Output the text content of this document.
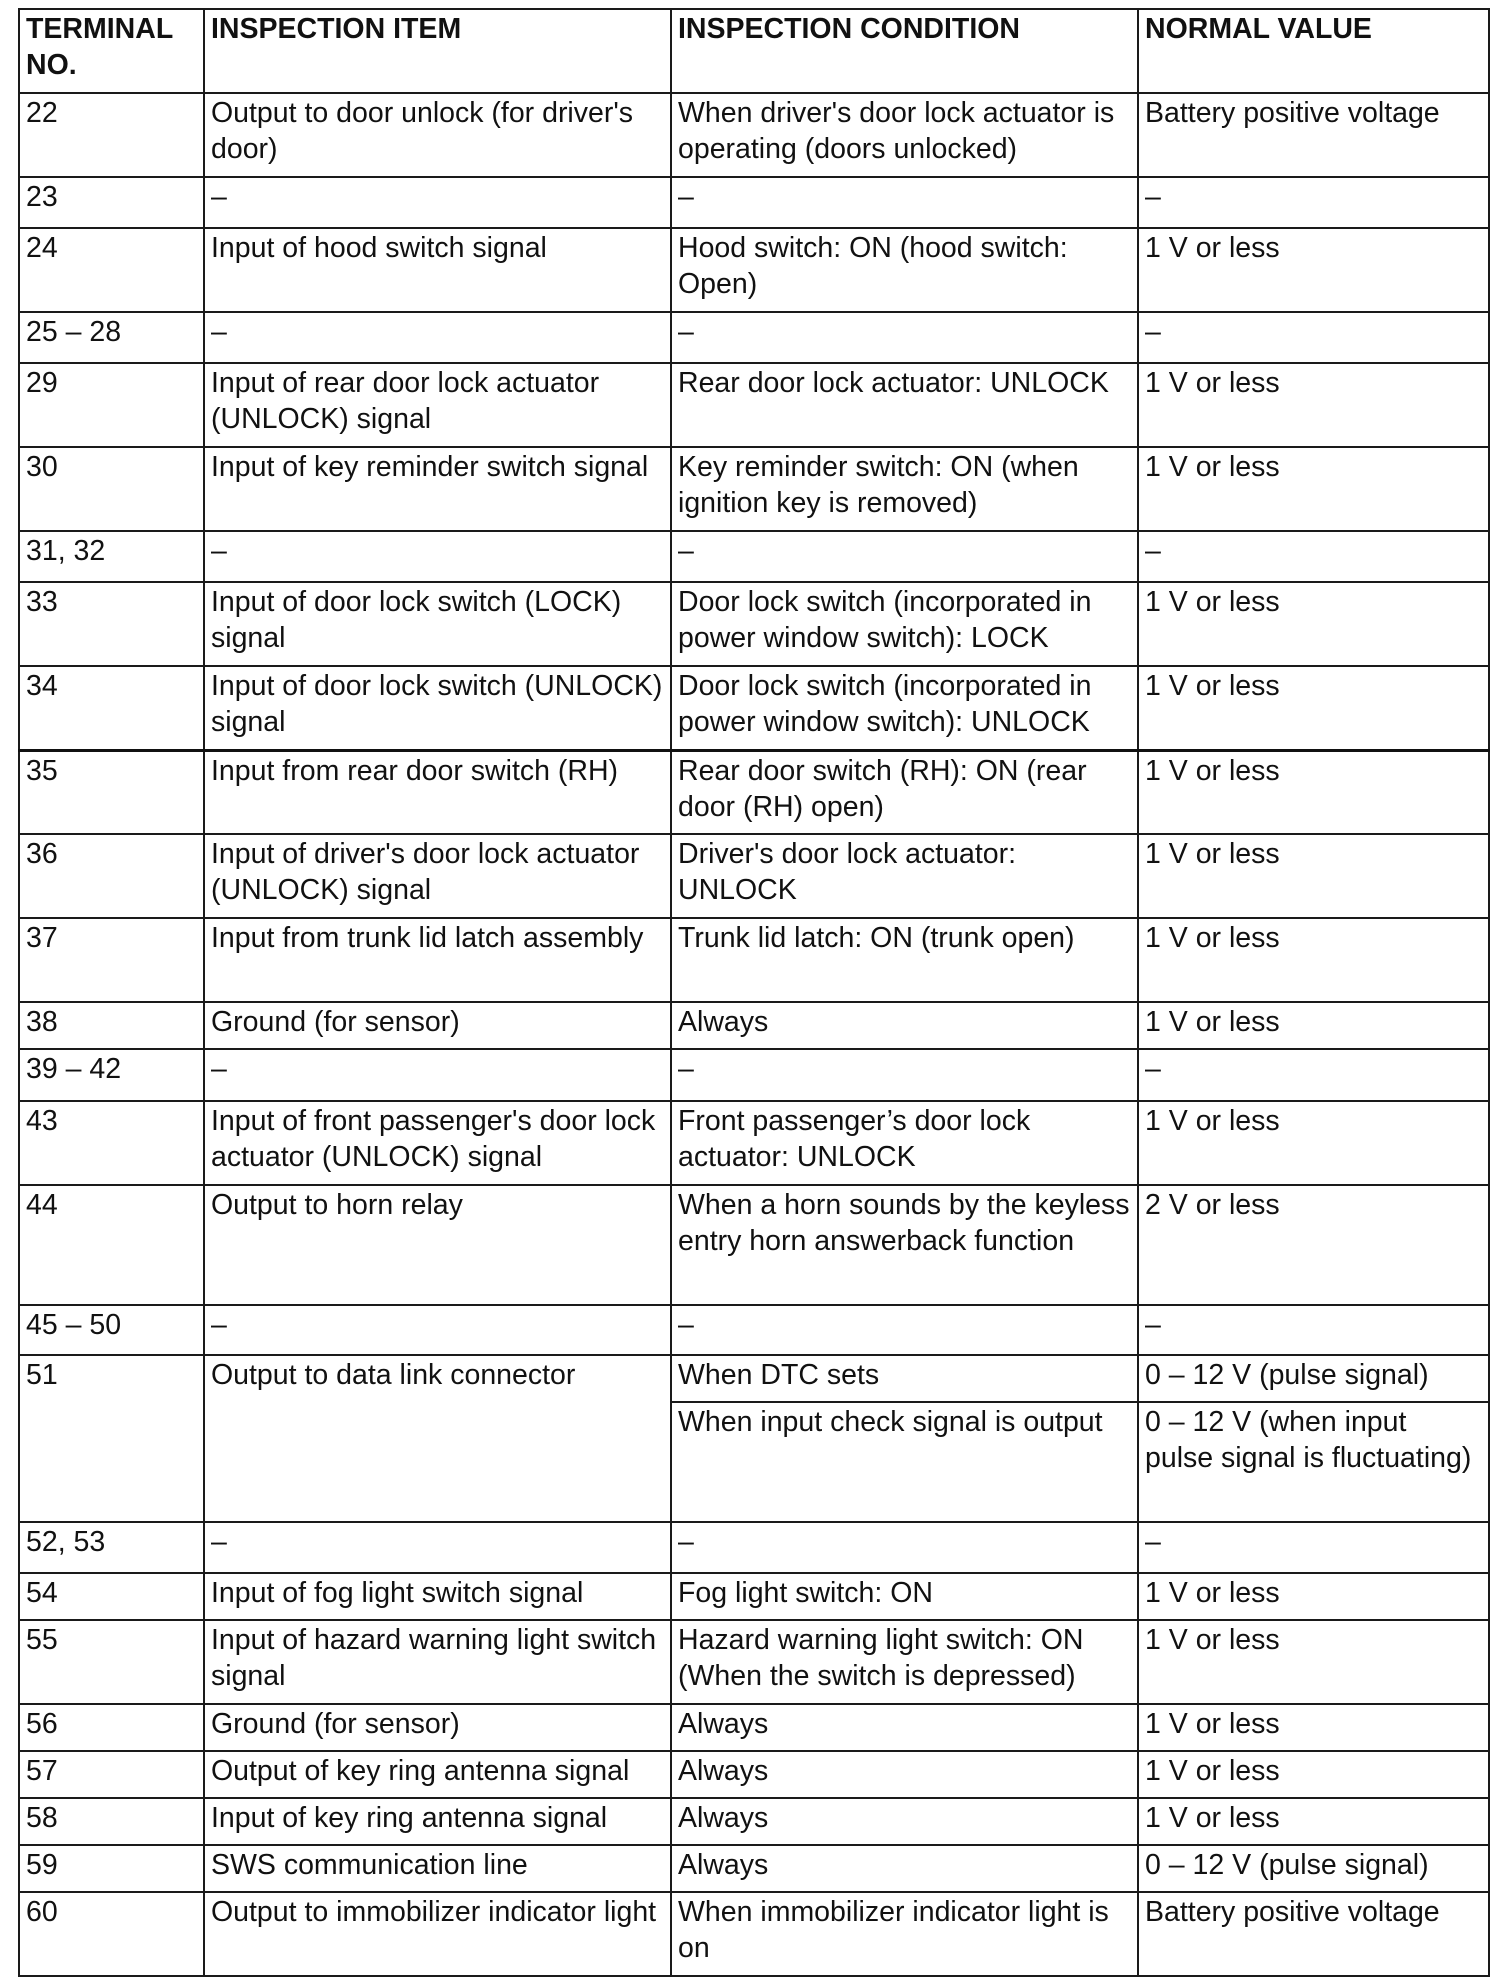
TERMINAL NO.	INSPECTION ITEM	INSPECTION CONDITION	NORMAL VALUE
22	Output to door unlock (for driver's door)	When driver's door lock actuator is operating (doors unlocked)	Battery positive voltage
23	–	–	–
24	Input of hood switch signal	Hood switch: ON (hood switch: Open)	1 V or less
25 – 28	–	–	–
29	Input of rear door lock actuator (UNLOCK) signal	Rear door lock actuator: UNLOCK	1 V or less
30	Input of key reminder switch signal	Key reminder switch: ON (when ignition key is removed)	1 V or less
31, 32	–	–	–
33	Input of door lock switch (LOCK) signal	Door lock switch (incorporated in power window switch): LOCK	1 V or less
34	Input of door lock switch (UNLOCK) signal	Door lock switch (incorporated in power window switch): UNLOCK	1 V or less
35	Input from rear door switch (RH)	Rear door switch (RH): ON (rear door (RH) open)	1 V or less
36	Input of driver's door lock actuator (UNLOCK) signal	Driver's door lock actuator: UNLOCK	1 V or less
37	Input from trunk lid latch assembly	Trunk lid latch: ON (trunk open)	1 V or less
38	Ground (for sensor)	Always	1 V or less
39 – 42	–	–	–
43	Input of front passenger's door lock actuator (UNLOCK) signal	Front passenger’s door lock actuator: UNLOCK	1 V or less
44	Output to horn relay	When a horn sounds by the keyless entry horn answerback function	2 V or less
45 – 50	–	–	–
51	Output to data link connector	When DTC sets	0 – 12 V (pulse signal)
		When input check signal is output	0 – 12 V (when input pulse signal is fluctuating)
52, 53	–	–	–
54	Input of fog light switch signal	Fog light switch: ON	1 V or less
55	Input of hazard warning light switch signal	Hazard warning light switch: ON (When the switch is depressed)	1 V or less
56	Ground (for sensor)	Always	1 V or less
57	Output of key ring antenna signal	Always	1 V or less
58	Input of key ring antenna signal	Always	1 V or less
59	SWS communication line	Always	0 – 12 V (pulse signal)
60	Output to immobilizer indicator light	When immobilizer indicator light is on	Battery positive voltage
